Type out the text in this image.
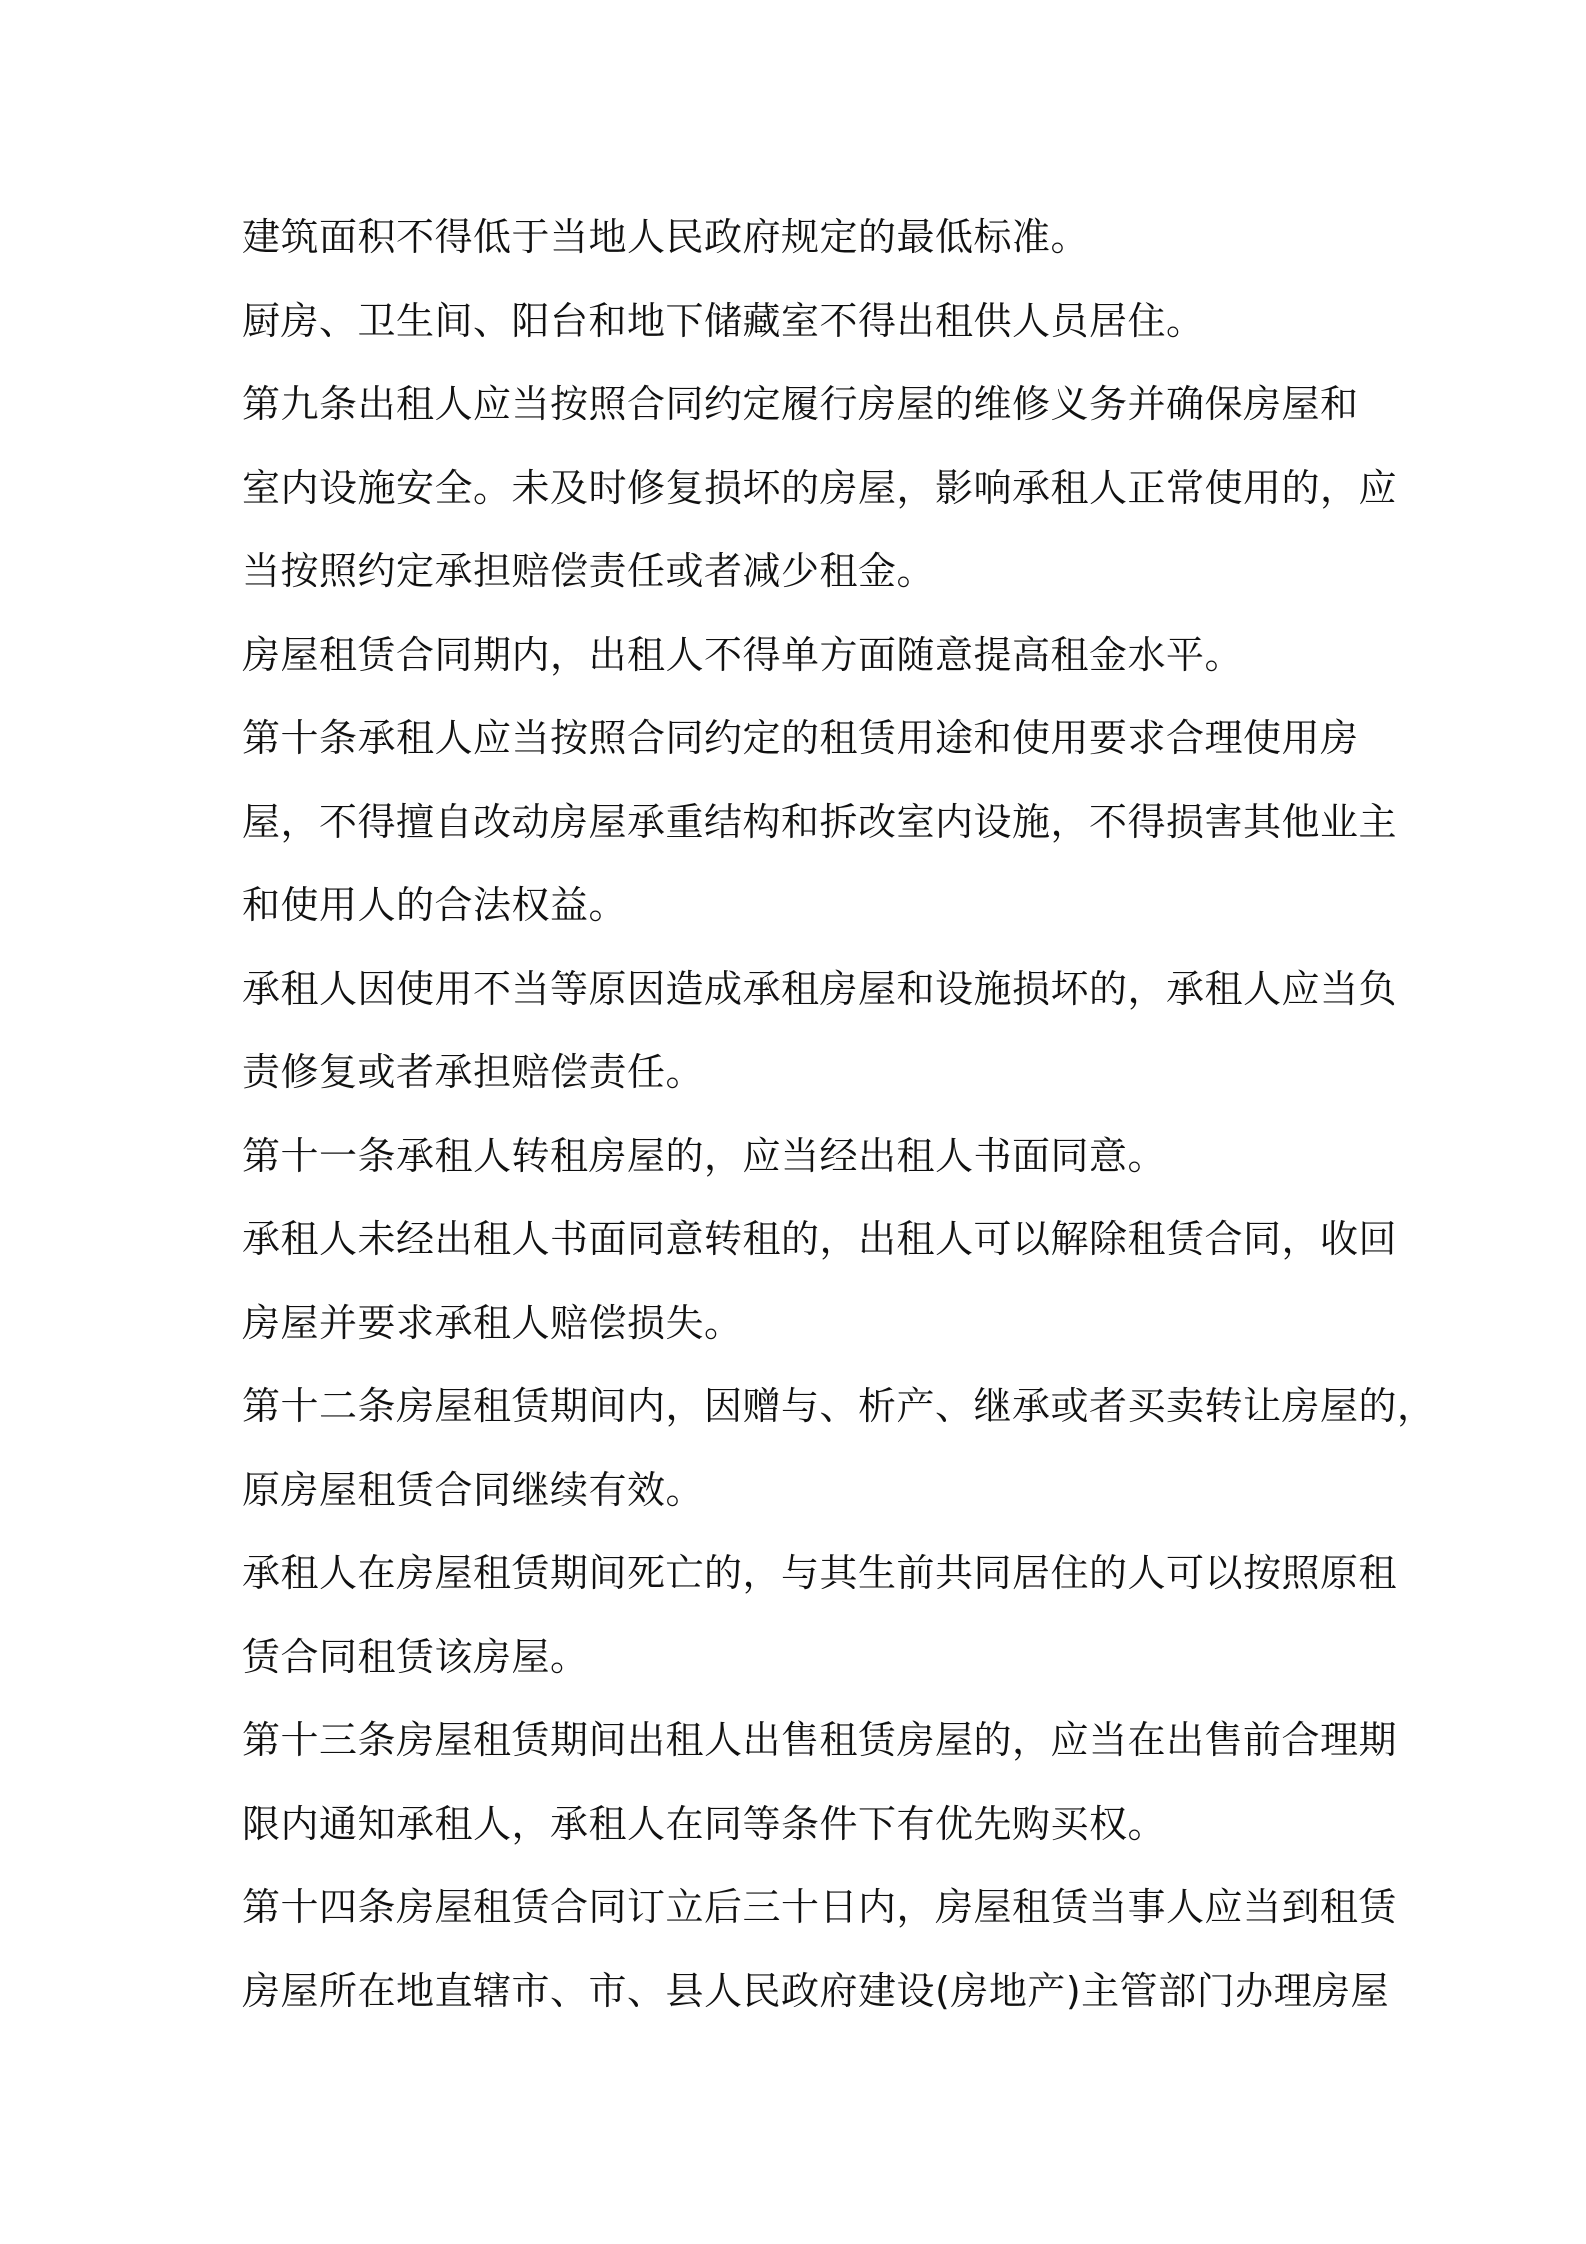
建筑面积不得低于当地人民政府规定的最低标准。
厨房、卫生间、阳台和地下储藏室不得出租供人员居住。
第九条出租人应当按照合同约定履行房屋的维修义务并确保房屋和
室内设施安全。未及时修复损坏的房屋，影响承租人正常使用的，应
当按照约定承担赔偿责任或者减少租金。
房屋租赁合同期内，出租人不得单方面随意提高租金水平。
第十条承租人应当按照合同约定的租赁用途和使用要求合理使用房
屋，不得擅自改动房屋承重结构和拆改室内设施，不得损害其他业主
和使用人的合法权益。
承租人因使用不当等原因造成承租房屋和设施损坏的，承租人应当负
责修复或者承担赔偿责任。
第十一条承租人转租房屋的，应当经出租人书面同意。
承租人未经出租人书面同意转租的，出租人可以解除租赁合同，收回
房屋并要求承租人赔偿损失。
第十二条房屋租赁期间内，因赠与、析产、继承或者买卖转让房屋的，
原房屋租赁合同继续有效。
承租人在房屋租赁期间死亡的，与其生前共同居住的人可以按照原租
赁合同租赁该房屋。
第十三条房屋租赁期间出租人出售租赁房屋的，应当在出售前合理期
限内通知承租人，承租人在同等条件下有优先购买权。
第十四条房屋租赁合同订立后三十日内，房屋租赁当事人应当到租赁
房屋所在地直辖市、市、县人民政府建设(房地产)主管部门办理房屋
